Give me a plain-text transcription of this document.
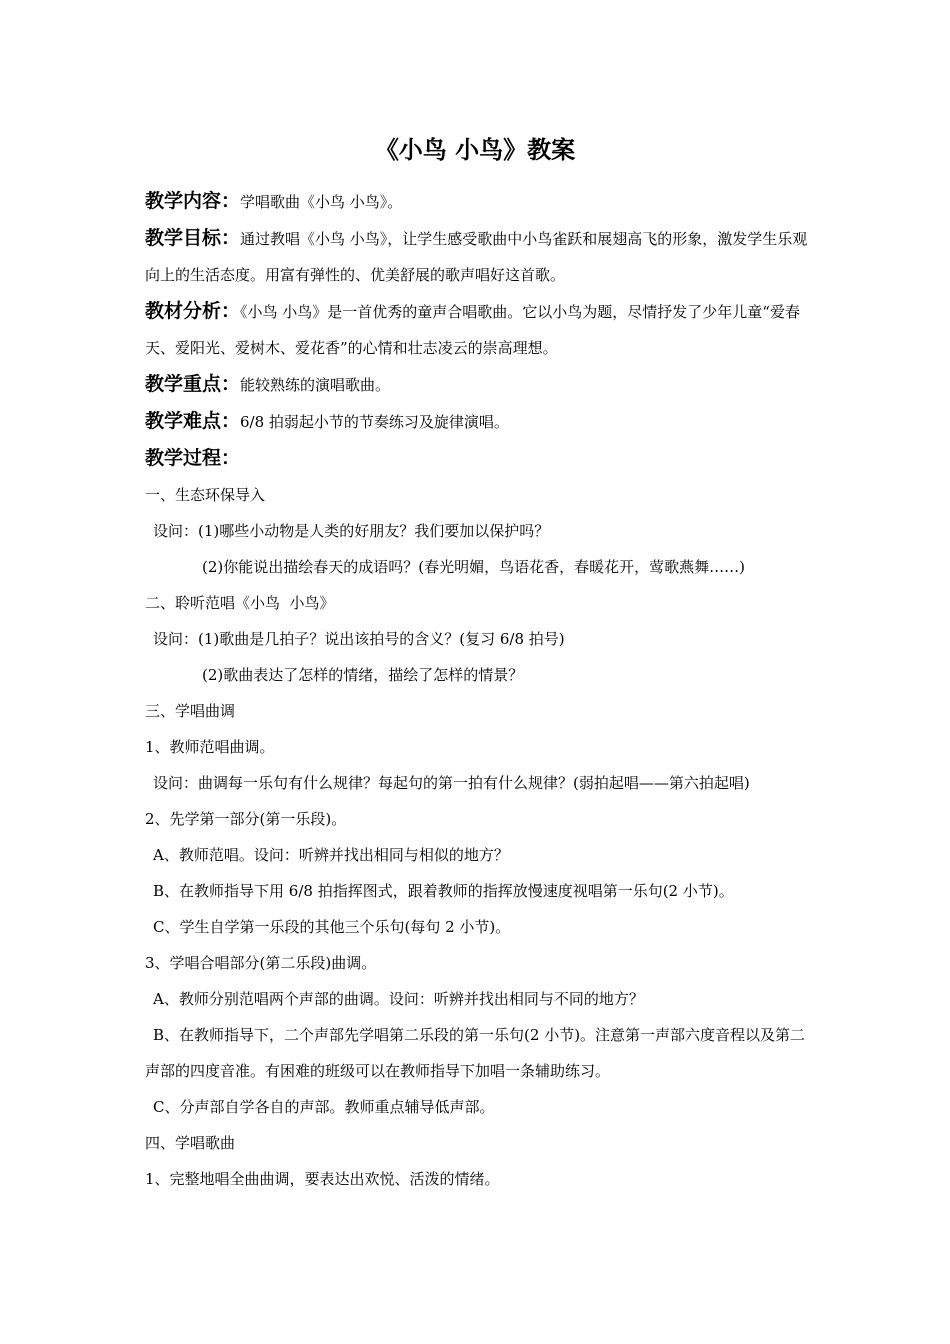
《小鸟 小鸟》教案

教学内容：学唱歌曲《小鸟 小鸟》。

教学目标：通过教唱《小鸟 小鸟》，让学生感受歌曲中小鸟雀跃和展翅高飞的形象，激发学生乐观向上的生活态度。用富有弹性的、优美舒展的歌声唱好这首歌。

教材分析：《小鸟 小鸟》是一首优秀的童声合唱歌曲。它以小鸟为题，尽情抒发了少年儿童“爱春天、爱阳光、爱树木、爱花香”的心情和壮志凌云的崇高理想。

教学重点：能较熟练的演唱歌曲。

教学难点：6/8 拍弱起小节的节奏练习及旋律演唱。

教学过程：

一、生态环保导入

设问：(1)哪些小动物是人类的好朋友？我们要加以保护吗？

(2)你能说出描绘春天的成语吗？(春光明媚，鸟语花香，春暖花开，莺歌燕舞……)

二、聆听范唱《小鸟  小鸟》

设问：(1)歌曲是几拍子？说出该拍号的含义？(复习 6/8 拍号)

(2)歌曲表达了怎样的情绪，描绘了怎样的情景？

三、学唱曲调

1、教师范唱曲调。

设问：曲调每一乐句有什么规律？每起句的第一拍有什么规律？(弱拍起唱——第六拍起唱)

2、先学第一部分(第一乐段)。

A、教师范唱。设问：听辨并找出相同与相似的地方？

B、在教师指导下用 6/8 拍指挥图式，跟着教师的指挥放慢速度视唱第一乐句(2 小节)。

C、学生自学第一乐段的其他三个乐句(每句 2 小节)。

3、学唱合唱部分(第二乐段)曲调。

A、教师分别范唱两个声部的曲调。设问：听辨并找出相同与不同的地方？

B、在教师指导下，二个声部先学唱第二乐段的第一乐句(2 小节)。注意第一声部六度音程以及第二声部的四度音准。有困难的班级可以在教师指导下加唱一条辅助练习。

C、分声部自学各自的声部。教师重点辅导低声部。

四、学唱歌曲

1、完整地唱全曲曲调，要表达出欢悦、活泼的情绪。
